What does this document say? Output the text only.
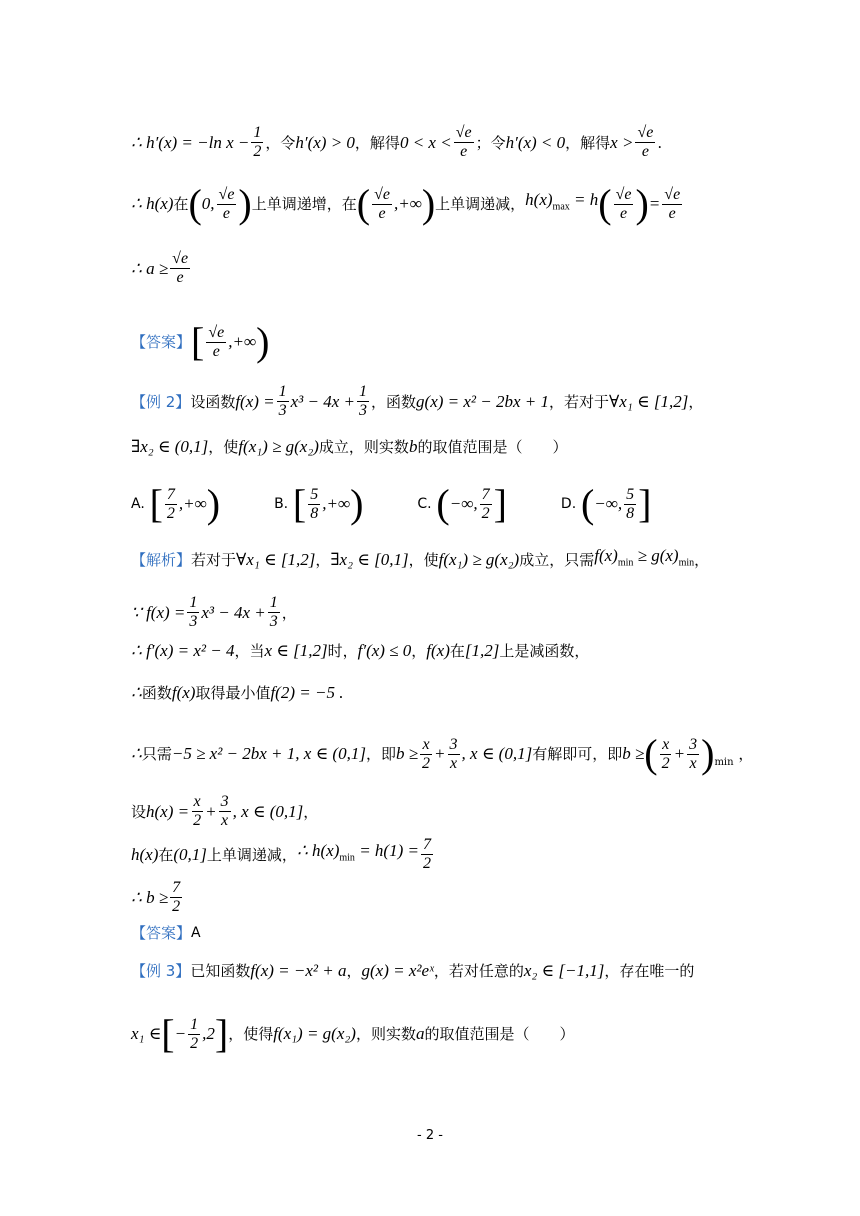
∴ h′(x) = −ln $x - \frac{1}{2}$ ，令 h′(x) > 0 ，解得 $0 < x < \frac{√e}{e}$ ；令 h′(x) < 0 ，解得 $x > \frac{√e}{e}$ .
∴ h(x) 在 ( 0, $\frac{√e}{e}$ ) 上单调递增，在 ( $\frac{√e}{e}$ ,+∞ ) 上单调递减， $h(x)_{max} = h$ ( $\frac{√e}{e}$ ) = $\frac{√e}{e}$
∴ $a \ge \frac{√e}{e}$
【答案】 [ $\frac{√e}{e}$ ,+∞ )
【例 2】 设函数 $f(x) = \frac{1}{3} x^3 - 4x + \frac{1}{3}$ ，函数 g(x) = x² − 2bx + 1 ，若对于 ∀x₁ ∈ [1,2] ，
∃x₂ ∈ (0,1] ，使 f(x₁) ≥ g(x₂) 成立，则实数 b 的取值范围是（　　）
A.
[ $\frac{7}{2}$ ,+∞ )	B.
[ $\frac{5}{8}$ ,+∞ )	C.
( −∞, $\frac{7}{2}$ ]	D.
( −∞, $\frac{5}{8}$ ]
【解析】 若对于 ∀x₁ ∈ [1,2] ， ∃x₂ ∈ [0,1] ，使 f(x₁) ≥ g(x₂) 成立，只需 $f(x)_{min} \ge g(x)_{min}$ ，
∵ $f(x) = \frac{1}{3} x^3 - 4x + \frac{1}{3}$ ，
∴ f′(x) = x² − 4 ，当 x ∈ [1,2] 时， f′(x) ≤ 0 ， f(x) 在 [1,2] 上是减函数，
∴ 函数 f(x) 取得最小值 f(2) = −5 .
∴ 只需 −5 ≥ x² − 2bx + 1, x ∈ (0,1] ，即 $b \ge \frac{x}{2} + \frac{3}{x}$ , x ∈ (0,1] 有解即可，即 b ≥ ( $\frac{x}{2} + \frac{3}{x} )_{min}$ ，
设 $h(x) = \frac{x}{2} + \frac{3}{x}$ , x ∈ (0,1] ，
h(x) 在 (0,1] 上单调递减， ∴ $h(x)_{min} = h(1) = \frac{7}{2}$
∴ $b \ge \frac{7}{2}$
【答案】 A
【例 3】 已知函数 f(x) = −x² + a ， g(x) = x²eˣ ，若对任意的 x₂ ∈ [−1,1] ，存在唯一的
x₁ ∈ [ − $\frac{1}{2} ,2$ ] ，使得 f(x₁) = g(x₂) ，则实数 a 的取值范围是（　　）
- 2 -
